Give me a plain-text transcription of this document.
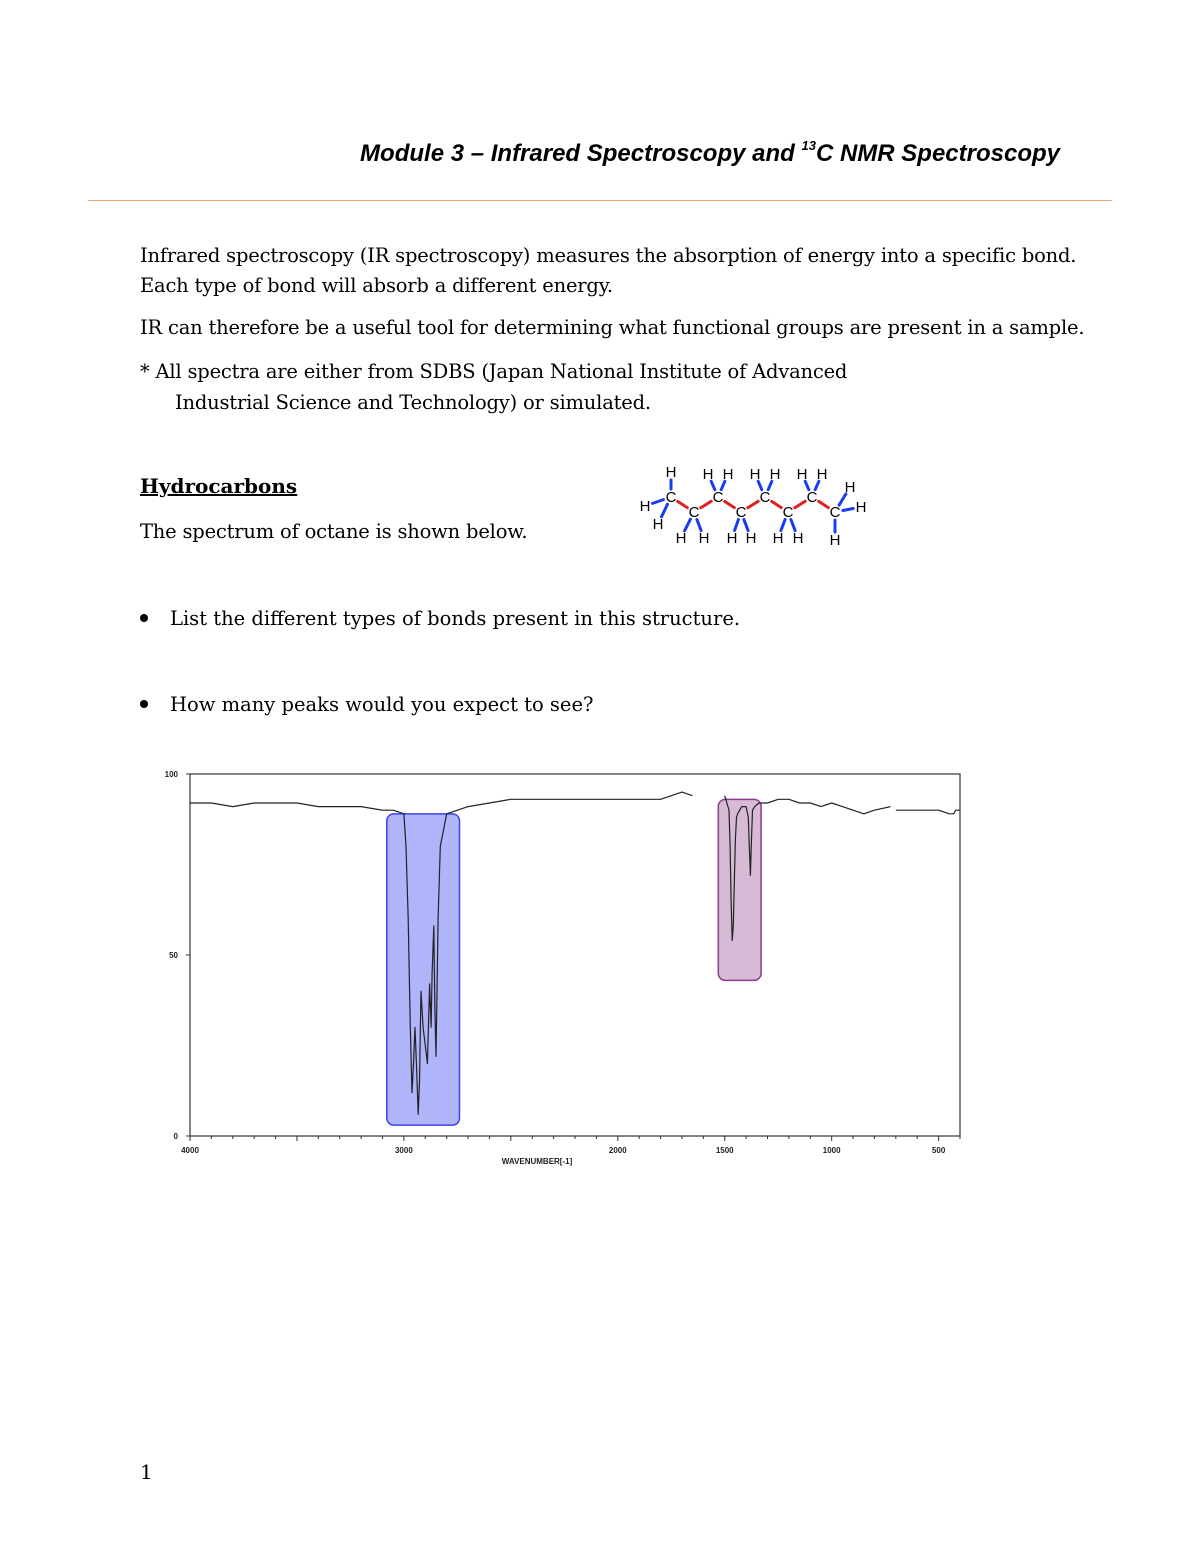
Module 3 – Infrared Spectroscopy and $^{13}$C NMR Spectroscopy
Infrared spectroscopy (IR spectroscopy) measures the absorption of energy into a specific bond.
Each type of bond will absorb a different energy.
IR can therefore be a useful tool for determining what functional groups are present in a sample.
* All spectra are either from SDBS (Japan National Institute of Advanced
Industrial Science and Technology) or simulated.
Hydrocarbons
The spectrum of octane is shown below.
List the different types of bonds present in this structure.
How many peaks would you expect to see?
C
C
C
C
C
C
C
C
H
H
H
H H
H H
H H
H H
H H
H H
H
H
H
4000	3000	2000	1500	1000	500
100
50
0
WAVENUMBER[-1]
1
